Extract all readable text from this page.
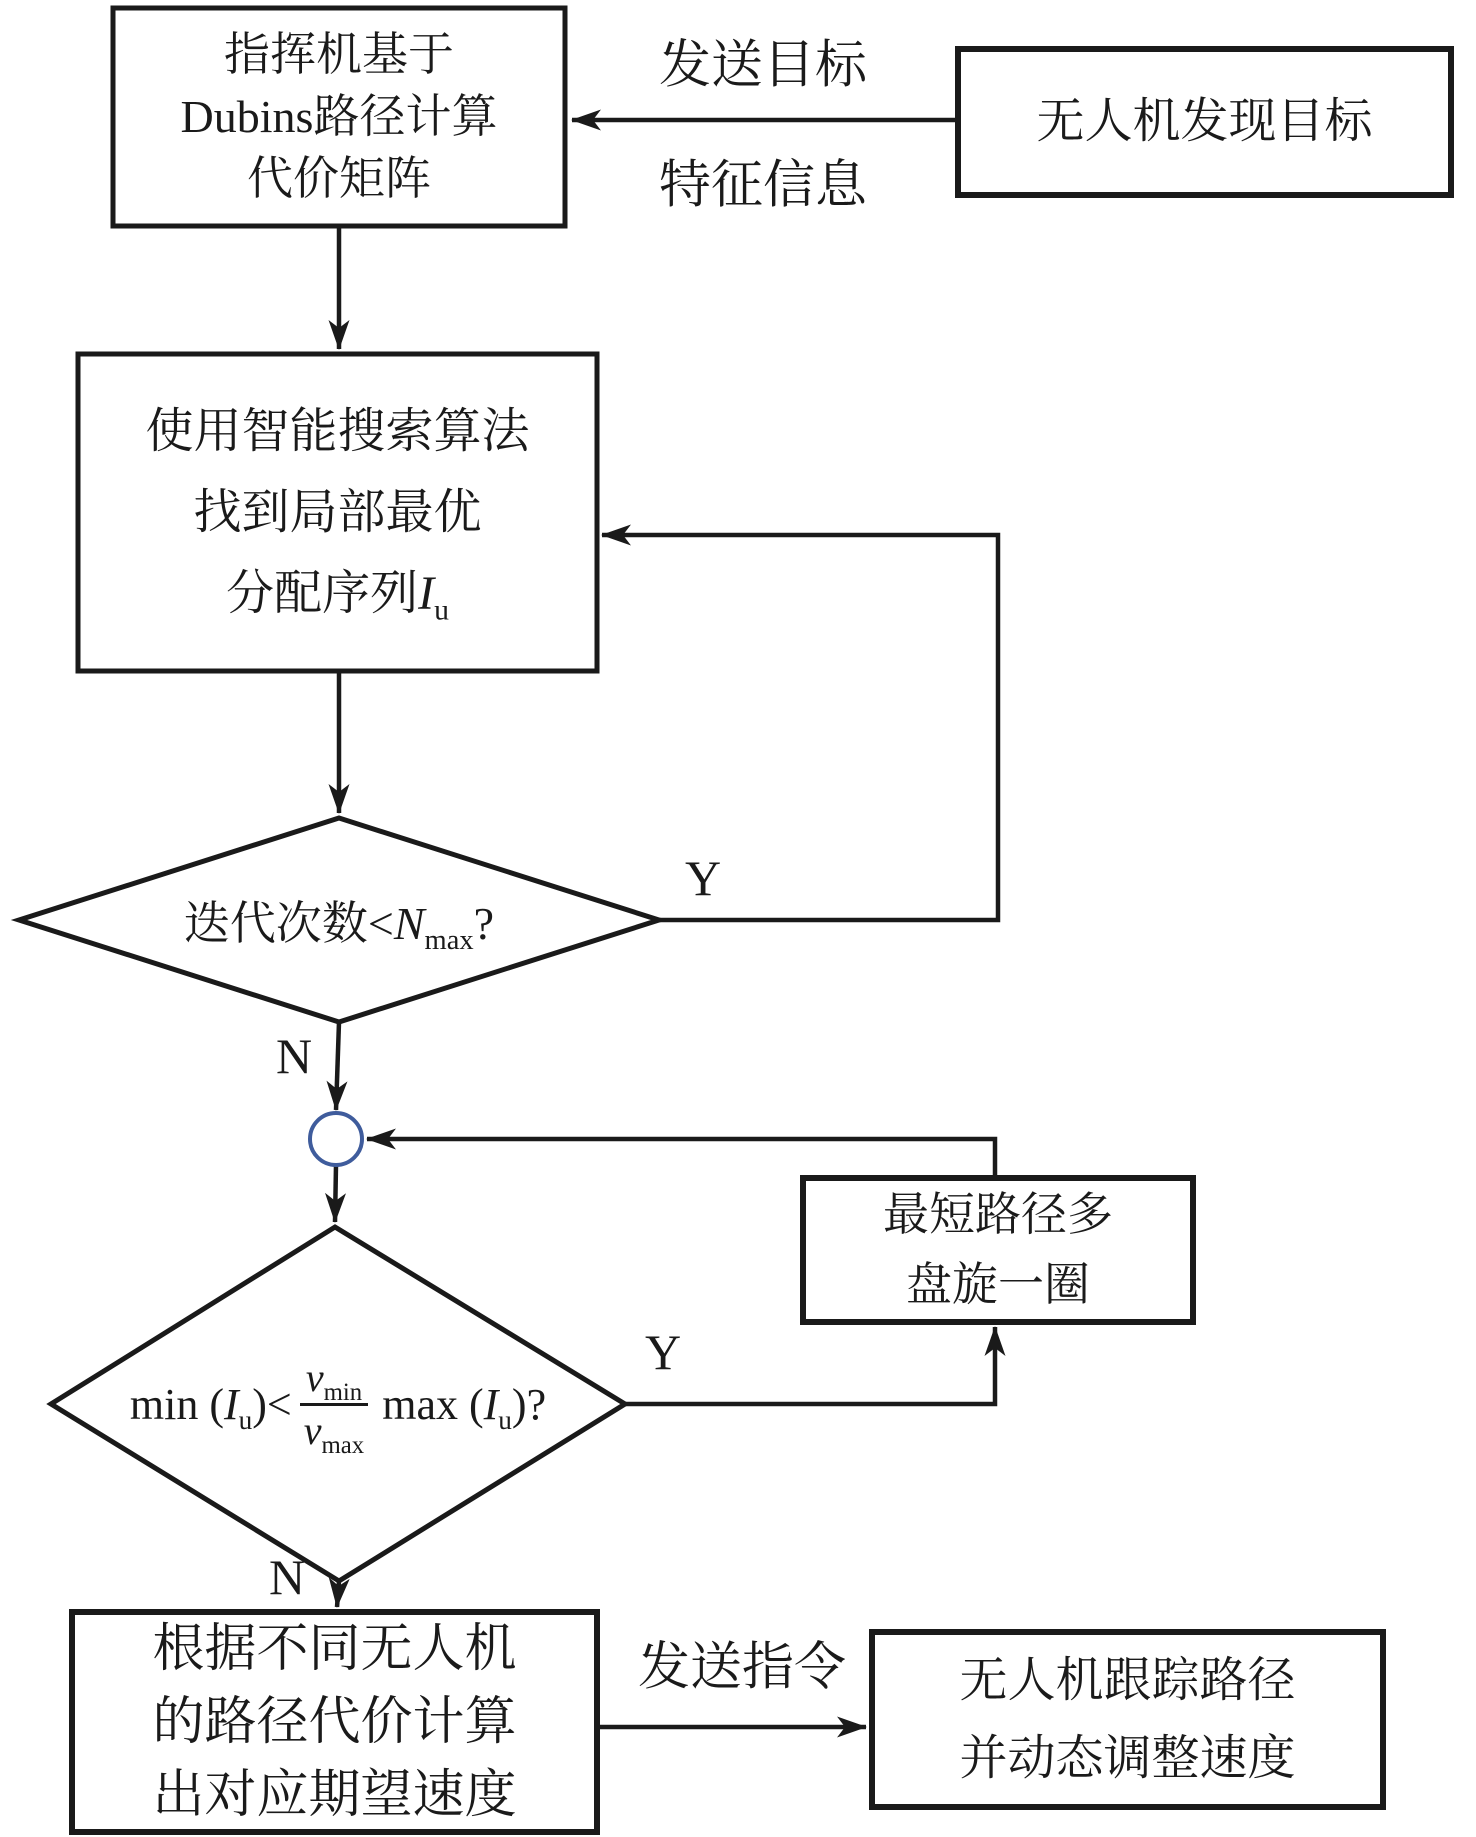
指挥机基于
Dubins路径计算
代价矩阵
使用智能搜索算法
找到局部最优
分配序列$I_u$
无人机发现目标
最短路径多
盘旋一圈
根据不同无人机
的路径代价计算
出对应期望速度
无人机跟踪路径
并动态调整速度
迭代次数$<N_{max}$?
$\min (I_u)< \frac{v_{min}}{v_{max}}$ $\max (I_u)$?
发送目标
特征信息
发送指令
Y
N
Y
N
